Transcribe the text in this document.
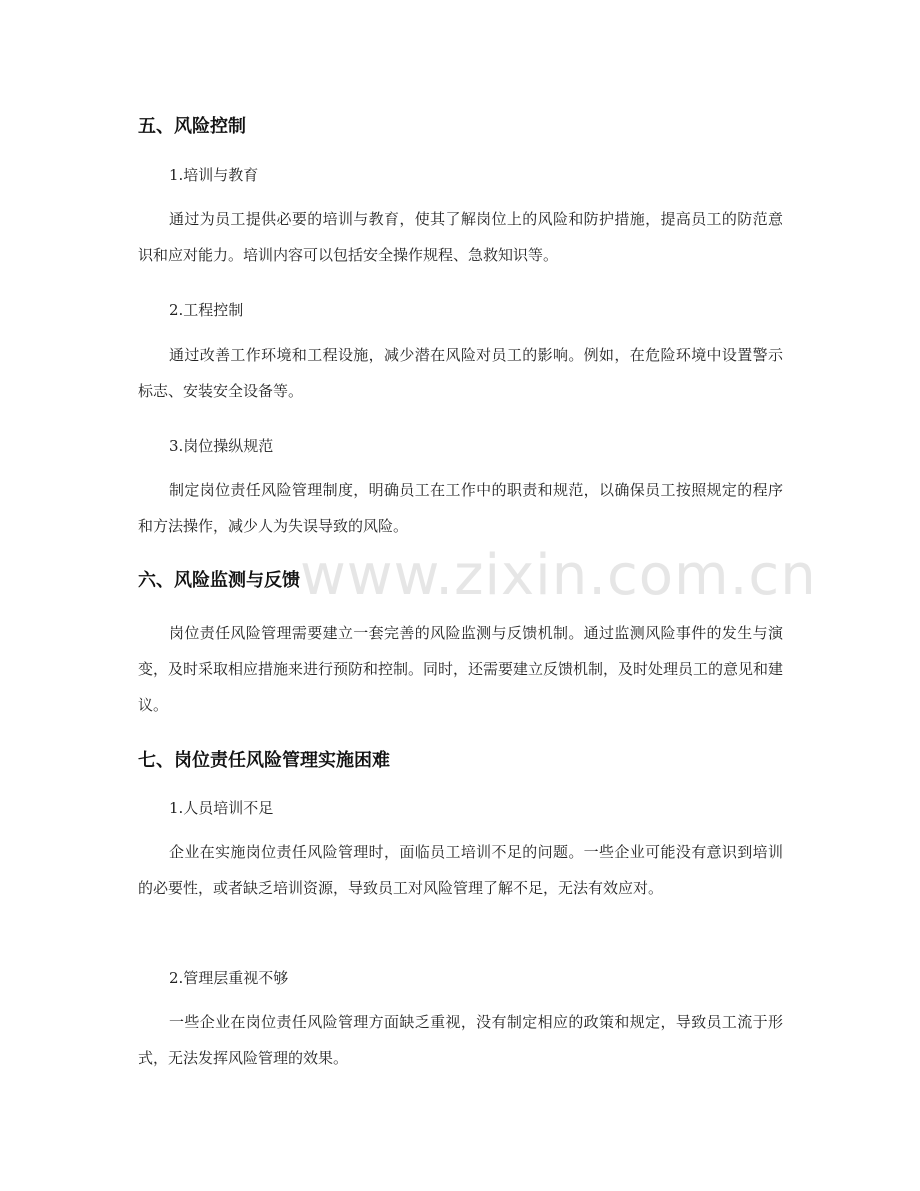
www.zixin.com.cn
五、风险控制
1.培训与教育
通过为员工提供必要的培训与教育，使其了解岗位上的风险和防护措施，提高员工的防范意识和应对能力。培训内容可以包括安全操作规程、急救知识等。
2.工程控制
通过改善工作环境和工程设施，减少潜在风险对员工的影响。例如，在危险环境中设置警示标志、安装安全设备等。
3.岗位操纵规范
制定岗位责任风险管理制度，明确员工在工作中的职责和规范，以确保员工按照规定的程序和方法操作，减少人为失误导致的风险。
六、风险监测与反馈
岗位责任风险管理需要建立一套完善的风险监测与反馈机制。通过监测风险事件的发生与演变，及时采取相应措施来进行预防和控制。同时，还需要建立反馈机制，及时处理员工的意见和建议。
七、岗位责任风险管理实施困难
1.人员培训不足
企业在实施岗位责任风险管理时，面临员工培训不足的问题。一些企业可能没有意识到培训的必要性，或者缺乏培训资源，导致员工对风险管理了解不足，无法有效应对。
2.管理层重视不够
一些企业在岗位责任风险管理方面缺乏重视，没有制定相应的政策和规定，导致员工流于形式，无法发挥风险管理的效果。
